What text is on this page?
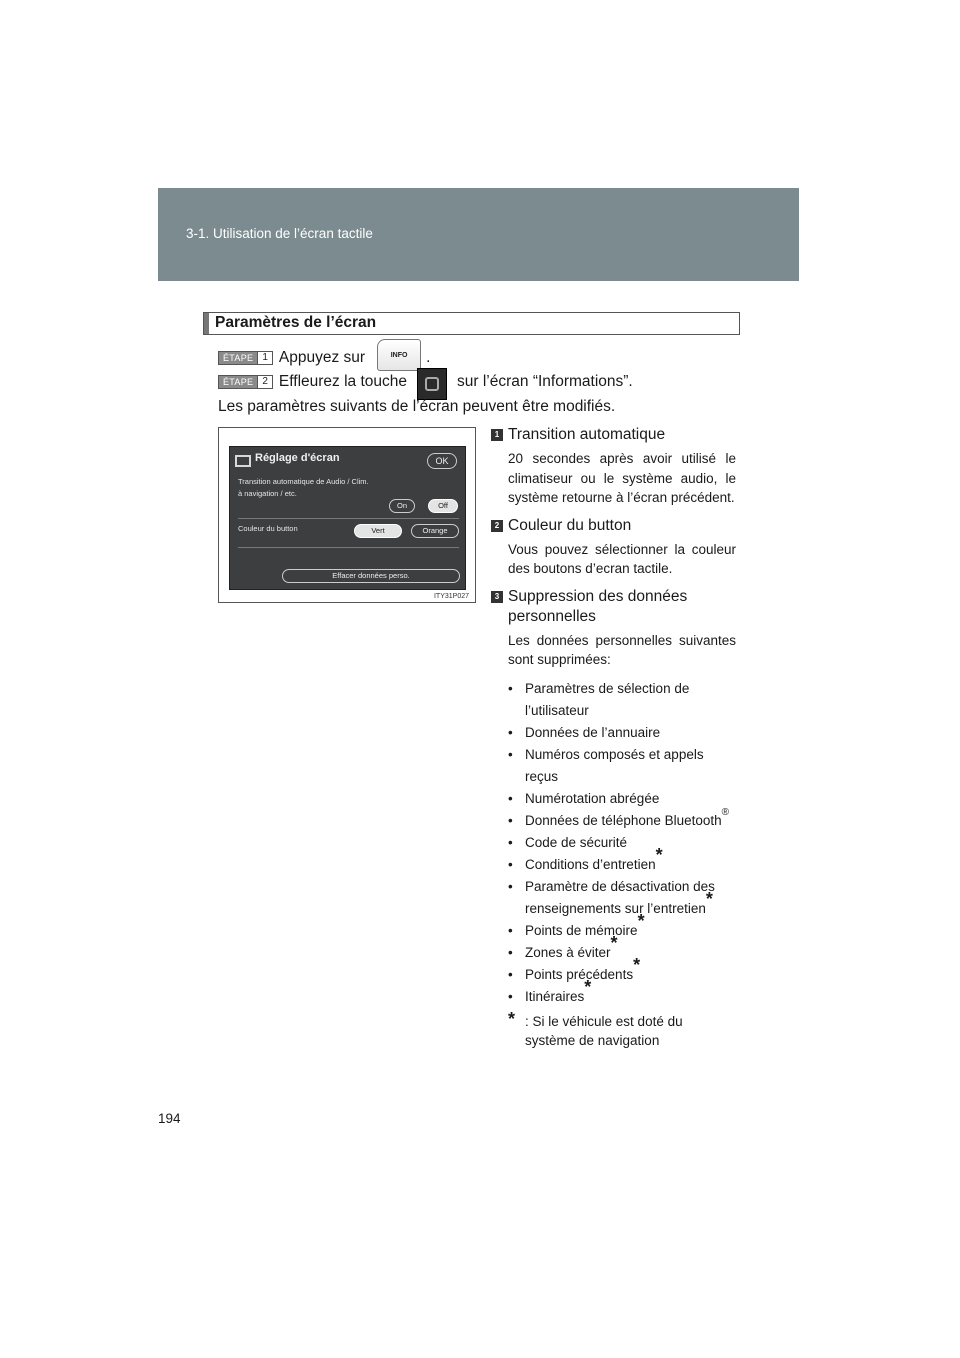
3-1. Utilisation de l’écran tactile
Paramètres de l’écran
ÉTAPE 1 Appuyez sur	INFO	.
ÉTAPE 2 Effleurez la touche	sur l’écran “Informations”.
Les paramètres suivants de l’écran peuvent être modifiés.
Réglage d'écran	OK
Transition automatique de Audio / Clim.
à navigation / etc.
On	Off
Couleur du button	Vert	Orange
Effacer données perso.
ITY31P027
1 Transition automatique
20 secondes après avoir utilisé le climatiseur ou le système audio, le système retourne à l’écran précédent.
2 Couleur du button
Vous pouvez sélectionner la couleur des boutons d’ecran tactile.
3 Suppression des données
personnelles
Les données personnelles suivantes sont supprimées:
• Paramètres de sélection de l’utilisateur
• Données de l’annuaire
• Numéros composés et appels reçus
• Numérotation abrégée
• Données de téléphone Bluetooth®
• Code de sécurité
• Conditions d’entretien*
• Paramètre de désactivation des renseignements sur l’entretien*
• Points de mémoire*
• Zones à éviter*
• Points précédents*
• Itinéraires*
* : Si le véhicule est doté du système de navigation
194
